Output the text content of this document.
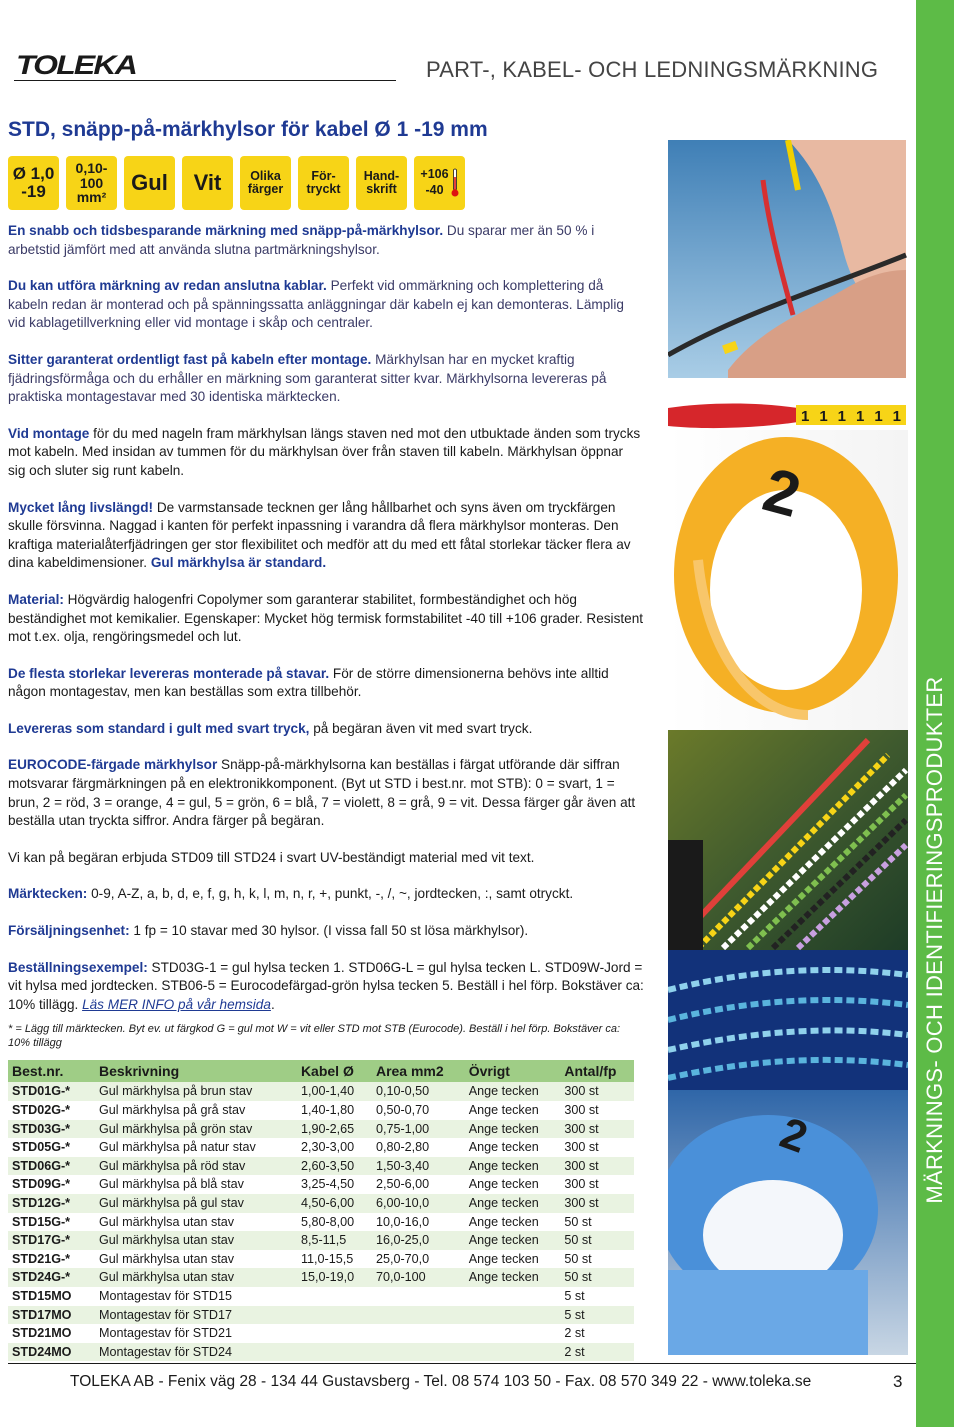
TOLEKA	PART-, KABEL- OCH LEDNINGSMÄRKNING
STD, snäpp-på-märkhylsor för kabel Ø 1 -19 mm
Ø 1,0
-19
0,10-
100
mm²
Gul Vit Olika
färger
För-
tryckt
Hand-
skrift
+106
-40

En snabb och tidsbesparande märkning med snäpp-på-märkhylsor. Du sparar mer än 50 % i arbetstid jämfört med att använda slutna partmärkningshylsor.

Du kan utföra märkning av redan anslutna kablar. Perfekt vid ommärkning och komplettering då kabeln redan är monterad och på spänningssatta anläggningar där kabeln ej kan demonteras. Lämplig vid kablagetillverkning eller vid montage i skåp och centraler.

Sitter garanterat ordentligt fast på kabeln efter montage. Märkhylsan har en mycket kraftig fjädringsförmåga och du erhåller en märkning som garanterat sitter kvar. Märkhylsorna levereras på praktiska montagestavar med 30 identiska märktecken.

Vid montage för du med nageln fram märkhylsan längs staven ned mot den utbuktade änden som trycks mot kabeln. Med insidan av tummen för du märkhylsan över från staven till kabeln. Märkhylsan öppnar sig och sluter sig runt kabeln.

Mycket lång livslängd! De varmstansade tecknen ger lång hållbarhet och syns även om tryckfärgen skulle försvinna. Naggad i kanten för perfekt inpassning i varandra då flera märkhylsor monteras. Den kraftiga materialåterfjädringen ger stor flexibilitet och medför att du med ett fåtal storlekar täcker flera av dina kabeldimensioner. Gul märkhylsa är standard.

Material: Högvärdig halogenfri Copolymer som garanterar stabilitet, formbeständighet och hög beständighet mot kemikalier. Egenskaper: Mycket hög termisk formstabilitet -40 till +106 grader. Resistent mot t.ex. olja, rengöringsmedel och lut.

De flesta storlekar levereras monterade på stavar. För de större dimensionerna behövs inte alltid någon montagestav, men kan beställas som extra tillbehör.

Levereras som standard i gult med svart tryck, på begäran även vit med svart tryck.

EUROCODE-färgade märkhylsor Snäpp-på-märkhylsorna kan beställas i färgat utförande där siffran motsvarar färgmärkningen på en elektronikkomponent. (Byt ut STD i best.nr. mot STB): 0 = svart, 1 = brun, 2 = röd, 3 = orange, 4 = gul, 5 = grön, 6 = blå, 7 = violett, 8 = grå, 9 = vit. Dessa färger går även att beställa utan tryckta siffror. Andra färger på begäran.

Vi kan på begäran erbjuda STD09 till STD24 i svart UV-beständigt material med vit text.

Märktecken: 0-9, A-Z, a, b, d, e, f, g, h, k, l, m, n, r, +, punkt, -, /, ~, jordtecken, :, samt otryckt.

Försäljningsenhet: 1 fp = 10 stavar med 30 hylsor. (I vissa fall 50 st lösa märkhylsor).

Beställningsexempel: STD03G-1 = gul hylsa tecken 1. STD06G-L = gul hylsa tecken L. STD09W-Jord = vit hylsa med jordtecken. STB06-5 = Eurocodefärgad-grön hylsa tecken 5. Beställ i hel förp. Bokstäver ca: 10% tillägg. Läs MER INFO på vår hemsida.

* = Lägg till märktecken. Byt ev. ut färgkod G = gul mot W = vit eller STD mot STB (Eurocode). Beställ i hel förp. Bokstäver ca: 10% tillägg

Best.nr.	Beskrivning	Kabel Ø	Area mm2	Övrigt	Antal/fp
STD01G-*	Gul märkhylsa på brun stav	1,00-1,40	0,10-0,50	Ange tecken	300 st
STD02G-*	Gul märkhylsa på grå stav	1,40-1,80	0,50-0,70	Ange tecken	300 st
STD03G-*	Gul märkhylsa på grön stav	1,90-2,65	0,75-1,00	Ange tecken	300 st
STD05G-*	Gul märkhylsa på natur stav	2,30-3,00	0,80-2,80	Ange tecken	300 st
STD06G-*	Gul märkhylsa på röd stav	2,60-3,50	1,50-3,40	Ange tecken	300 st
STD09G-*	Gul märkhylsa på blå stav	3,25-4,50	2,50-6,00	Ange tecken	300 st
STD12G-*	Gul märkhylsa på gul stav	4,50-6,00	6,00-10,0	Ange tecken	300 st
STD15G-*	Gul märkhylsa utan stav	5,80-8,00	10,0-16,0	Ange tecken	50 st
STD17G-*	Gul märkhylsa utan stav	8,5-11,5	16,0-25,0	Ange tecken	50 st
STD21G-*	Gul märkhylsa utan stav	11,0-15,5	25,0-70,0	Ange tecken	50 st
STD24G-*	Gul märkhylsa utan stav	15,0-19,0	70,0-100	Ange tecken	50 st
STD15MO	Montagestav för STD15				5 st
STD17MO	Montagestav för STD17				5 st
STD21MO	Montagestav för STD21				2 st
STD24MO	Montagestav för STD24				2 st
1 1 1 1 1 1
2
2	MÄRKNINGS- OCH IDENTIFIERINGSPRODUKTER
TOLEKA AB - Fenix väg 28 - 134 44 Gustavsberg - Tel. 08 574 103 50 - Fax. 08 570 349 22 - www.toleka.se	3
